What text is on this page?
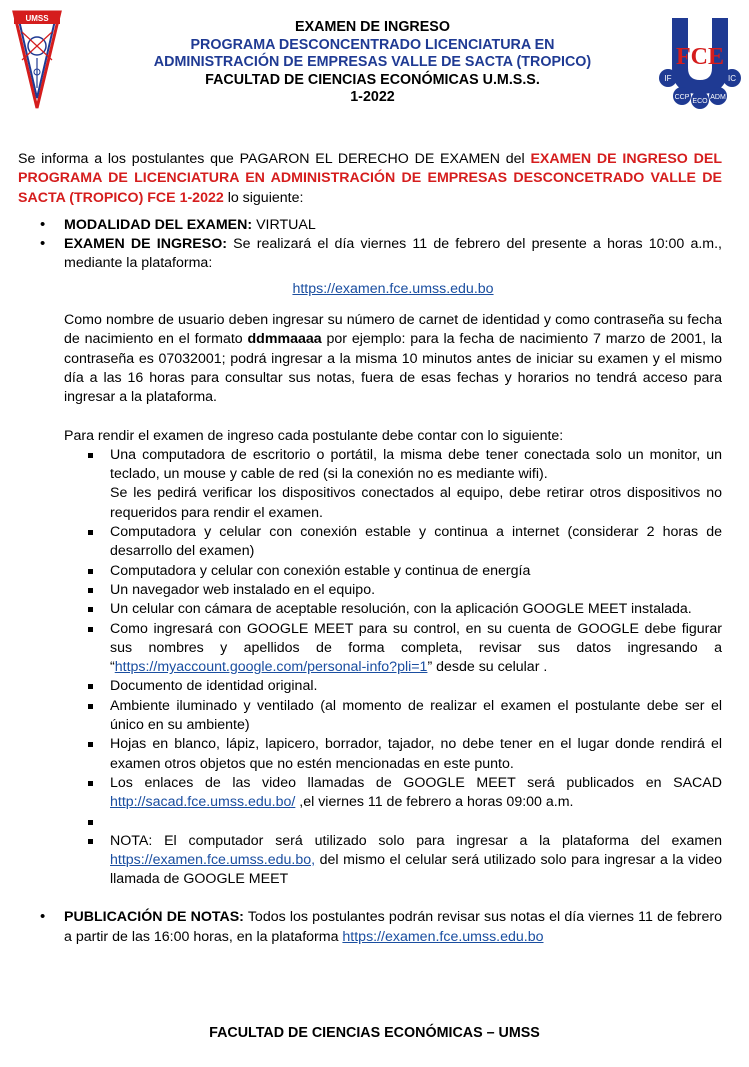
UMSS
UMSS FCE
IF	IC
CCP
ECO
ADM
EXAMEN DE INGRESO
PROGRAMA DESCONCENTRADO LICENCIATURA EN
ADMINISTRACIÓN DE EMPRESAS VALLE DE SACTA (TROPICO)
FACULTAD DE CIENCIAS ECONÓMICAS U.M.S.S.
1-2022
Se informa a los postulantes que PAGARON EL DERECHO DE EXAMEN del EXAMEN DE INGRESO DEL PROGRAMA DE LICENCIATURA EN ADMINISTRACIÓN DE EMPRESAS DESCONCETRADO VALLE DE SACTA (TROPICO) FCE 1-2022 lo siguiente:
• MODALIDAD DEL EXAMEN: VIRTUAL
• EXAMEN DE INGRESO: Se realizará el día viernes 11 de febrero del presente a horas 10:00 a.m., mediante la plataforma:
https://examen.fce.umss.edu.bo
Como nombre de usuario deben ingresar su número de carnet de identidad y como contraseña su fecha de nacimiento en el formato ddmmaaaa por ejemplo: para la fecha de nacimiento 7 marzo de 2001, la contraseña es 07032001; podrá ingresar a la misma 10 minutos antes de iniciar su examen y el mismo día a las 16 horas para consultar sus notas, fuera de esas fechas y horarios no tendrá acceso para ingresar a la plataforma.
Para rendir el examen de ingreso cada postulante debe contar con lo siguiente:
Una computadora de escritorio o portátil, la misma debe tener conectada solo un monitor, un teclado, un mouse y cable de red (si la conexión no es mediante wifi).
Se les pedirá verificar los dispositivos conectados al equipo, debe retirar otros dispositivos no requeridos para rendir el examen.
Computadora y celular con conexión estable y continua a internet (considerar 2 horas de desarrollo del examen)
Computadora y celular con conexión estable y continua de energía
Un navegador web instalado en el equipo.
Un celular con cámara de aceptable resolución, con la aplicación GOOGLE MEET instalada.
Como ingresará con GOOGLE MEET para su control, en su cuenta de GOOGLE debe figurar sus nombres y apellidos de forma completa, revisar sus datos ingresando a “https://myaccount.google.com/personal-info?pli=1” desde su celular .
Documento de identidad original.
Ambiente iluminado y ventilado (al momento de realizar el examen el postulante debe ser el único en su ambiente)
Hojas en blanco, lápiz, lapicero, borrador, tajador, no debe tener en el lugar donde rendirá el examen otros objetos que no estén mencionadas en este punto.
Los enlaces de las video llamadas de GOOGLE MEET será publicados en SACAD http://sacad.fce.umss.edu.bo/ ,el viernes 11 de febrero a horas 09:00 a.m.
NOTA: El computador será utilizado solo para ingresar a la plataforma del examen https://examen.fce.umss.edu.bo, del mismo el celular será utilizado solo para ingresar a la video llamada de GOOGLE MEET
• PUBLICACIÓN DE NOTAS: Todos los postulantes podrán revisar sus notas el día viernes 11 de febrero a partir de las 16:00 horas, en la plataforma https://examen.fce.umss.edu.bo
FACULTAD DE CIENCIAS ECONÓMICAS – UMSS
